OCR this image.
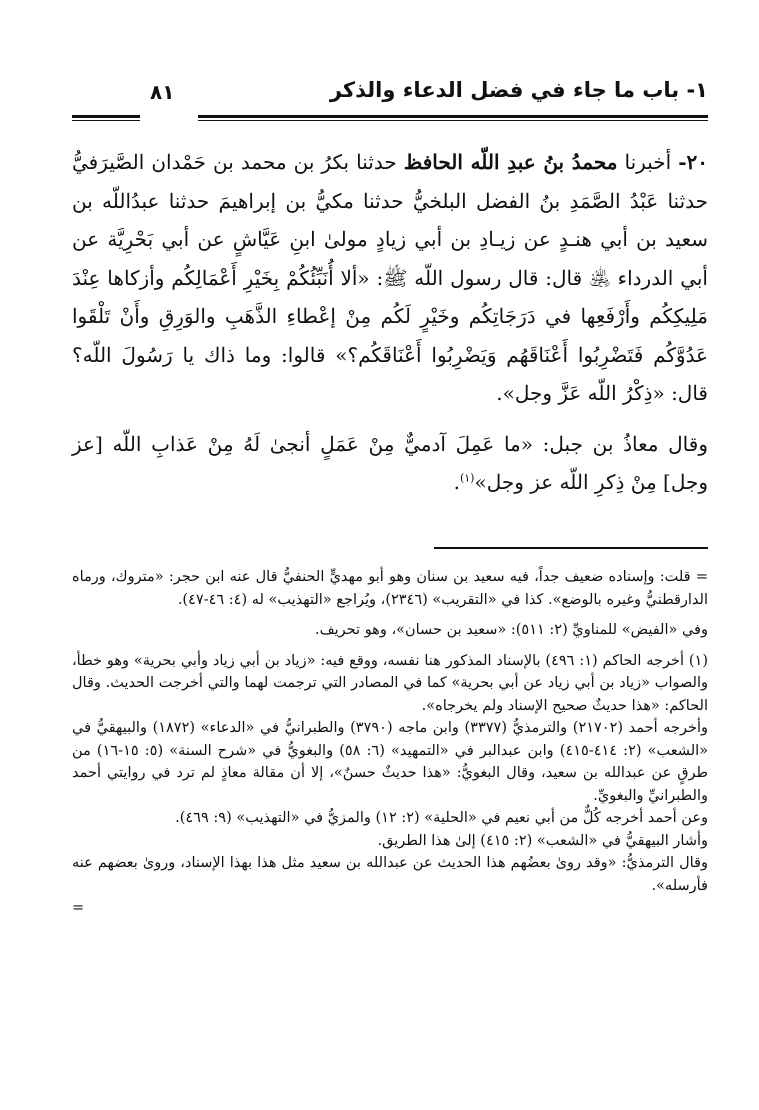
١- باب ما جاء في فضل الدعاء والذكر
٨١

٢٠- أخبرنا محمدُ بنُ عبدِ اللّه الحافظ حدثنا بكرُ بن محمد بن حَمْدان الصَّيرَفيُّ حدثنا عَبْدُ الصَّمَدِ بنُ الفضل البلخيُّ حدثنا مكيُّ بن إبراهيمَ حدثنا عبدُاللّه بن سعيد بن أبي هنـدٍ عن زيـادِ بن أبي زيادٍ مولىٰ ابنِ عَيَّاشٍ عن أبي بَحْرِيَّة عن أبي الدرداء ﵁ قال: قال رسول اللّه ﷺ: «ألا أُنَبِّئُكُمْ بِخَيْرِ أَعْمَالِكُم وأزكاها عِنْدَ مَلِيكِكُم وأَرْفَعِها في دَرَجَاتِكُم وخَيْرٍ لَكُم مِنْ إعْطاءِ الذَّهَبِ والوَرِقِ وأَنْ تَلْقَوا عَدُوَّكُم فَتَضْرِبُوا أَعْنَاقَهُم وَيَضْرِبُوا أَعْنَاقَكُم؟» قالوا: وما ذاك يا رَسُولَ اللّه؟ قال: «ذِكْرُ اللّه عَزَّ وجل».

وقال معاذُ بن جبل: «ما عَمِلَ آدميٌّ مِنْ عَمَلٍ أنجىٰ لَهُ مِنْ عَذابِ اللّه [عز وجل] مِنْ ذِكرِ اللّه عز وجل»$^{(١)}$.

= قلت: وإسناده ضعيف جداً، فيه سعيد بن سنان وهو أبو مهديٍّ الحنفيُّ قال عنه ابن حجر: «متروك، ورماه الدارقطنيُّ وغيره بالوضع». كذا في «التقريب» (٢٣٤٦)، ويُراجع «التهذيب» له (٤: ٤٦-٤٧).

وفي «الفيض» للمناويِّ (٢: ٥١١): «سعيد بن حسان»، وهو تحريف.

(١) أخرجه الحاكم (١: ٤٩٦) بالإسناد المذكور هنا نفسه، ووقع فيه: «زياد بن أبي زياد وأبي بحرية» وهو خطأ، والصواب «زياد بن أبي زياد عن أبي بحرية» كما في المصادر التي ترجمت لهما والتي أخرجت الحديث. وقال الحاكم: «هذا حديثٌ صحيح الإسناد ولم يخرجاه».

وأخرجه أحمد (٢١٧٠٢) والترمذيُّ (٣٣٧٧) وابن ماجه (٣٧٩٠) والطبرانيُّ في «الدعاء» (١٨٧٢) والبيهقيُّ في «الشعب» (٢: ٤١٤-٤١٥) وابن عبدالبر في «التمهيد» (٦: ٥٨) والبغويُّ في «شرح السنة» (٥: ١٥-١٦) من طرقٍ عن عبدالله بن سعيد، وقال البغويُّ: «هذا حديثٌ حسنٌ»، إلا أن مقالة معاذٍ لم ترد في روايتي أحمد والطبرانيِّ والبغويِّ.

وعن أحمد أخرجه كُلٌّ من أبي نعيم في «الحلية» (٢: ١٢) والمزيُّ في «التهذيب» (٩: ٤٦٩).

وأشار البيهقيُّ في «الشعب» (٢: ٤١٥) إلىٰ هذا الطريق.

وقال الترمذيُّ: «وقد روىٰ بعضُهم هذا الحديث عن عبدالله بن سعيد مثل هذا بهذا الإسناد، وروىٰ بعضهم عنه فأرسله».

=
